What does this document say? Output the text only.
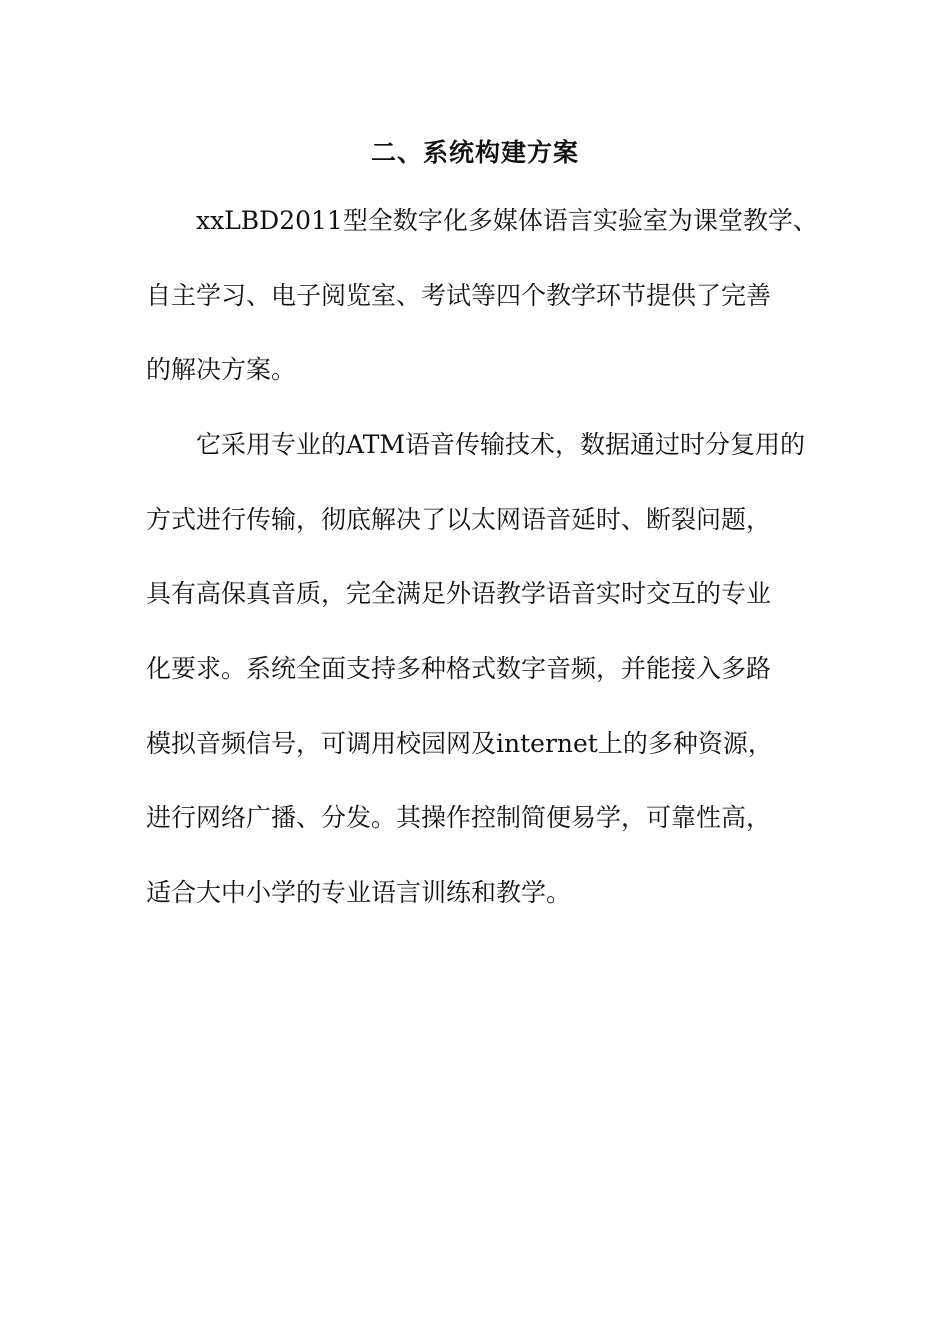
二、系统构建方案
xxLBD2011型全数字化多媒体语言实验室为课堂教学、
自主学习、电子阅览室、考试等四个教学环节提供了完善
的解决方案。
它采用专业的ATM语音传输技术，数据通过时分复用的
方式进行传输，彻底解决了以太网语音延时、断裂问题，
具有高保真音质，完全满足外语教学语音实时交互的专业
化要求。系统全面支持多种格式数字音频，并能接入多路
模拟音频信号，可调用校园网及internet上的多种资源，
进行网络广播、分发。其操作控制简便易学，可靠性高，
适合大中小学的专业语言训练和教学。
